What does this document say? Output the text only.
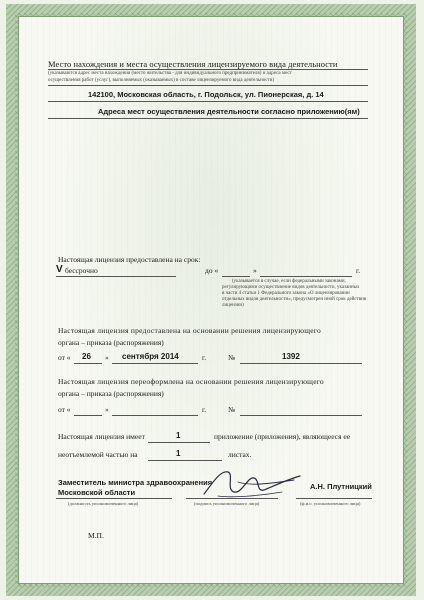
Место нахождения и места осуществления лицензируемого вида деятельности
(указываются адрес места нахождения (место жительства - для индивидуального предпринимателя) и адреса мест
осуществления работ (услуг), выполняемых (оказываемых) в составе лицензируемого вида деятельности)
142100, Московская область, г. Подольск, ул. Пионерская, д. 14
Адреса мест осуществления деятельности согласно приложению(ям)
Настоящая лицензия предоставлена на срок:
V бессрочно	до «	»	г.
(указывается в случае, если федеральными законами,
регулирующими осуществление видов деятельности, указанных
в части 4 статьи 1 Федерального закона «О лицензировании
отдельных видов деятельности», предусмотрен иной срок действия
лицензии)
Настоящая лицензия предоставлена на основании решения лицензирующего
органа – приказа (распоряжения)
от « 26 » сентября 2014	г.	№	1392
Настоящая лицензия переоформлена на основании решения лицензирующего
органа – приказа (распоряжения)
от «	»	г.	№
Настоящая лицензия имеет	1	приложение (приложения), являющееся ее
неотъемлемой частью на	1	листах.
Заместитель министра здравоохранения
Московской области
(должность уполномоченного лица)	(подпись уполномоченного лица)
А.Н. Плутницкий
(ф.и.о. уполномоченного лица)
М.П.
